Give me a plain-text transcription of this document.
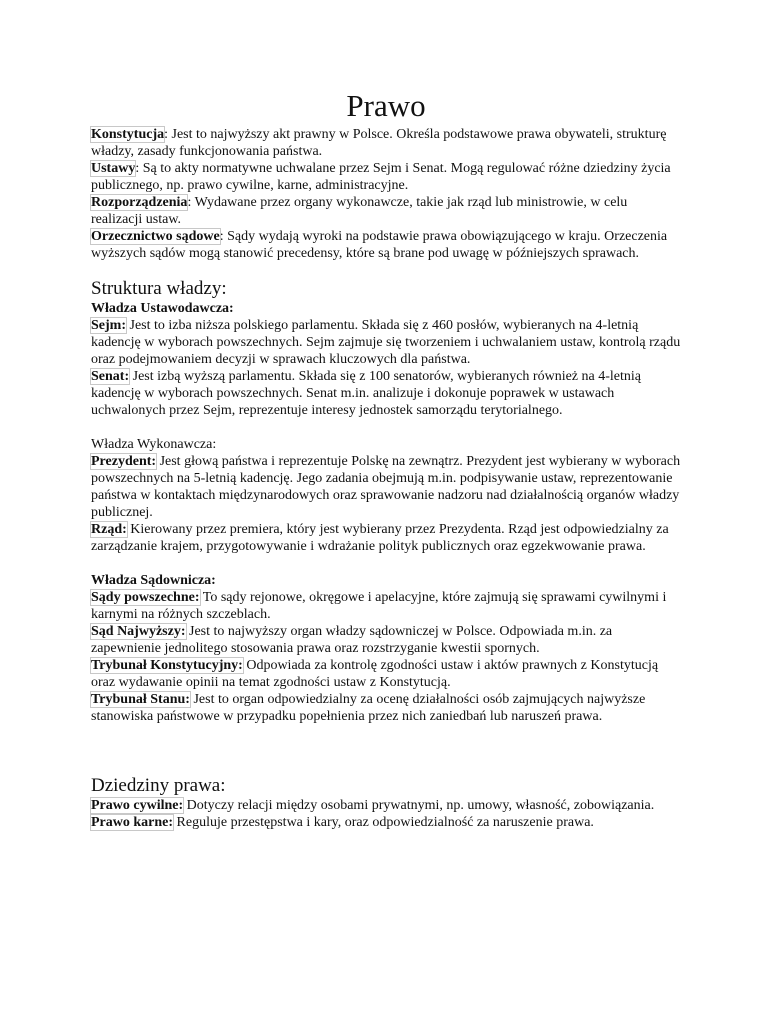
Prawo

Konstytucja: Jest to najwyższy akt prawny w Polsce. Określa podstawowe prawa obywateli, strukturę władzy, zasady funkcjonowania państwa.

Ustawy: Są to akty normatywne uchwalane przez Sejm i Senat. Mogą regulować różne dziedziny życia publicznego, np. prawo cywilne, karne, administracyjne.

Rozporządzenia: Wydawane przez organy wykonawcze, takie jak rząd lub ministrowie, w celu realizacji ustaw.

Orzecznictwo sądowe: Sądy wydają wyroki na podstawie prawa obowiązującego w kraju. Orzeczenia wyższych sądów mogą stanowić precedensy, które są brane pod uwagę w późniejszych sprawach.

Struktura władzy:

Władza Ustawodawcza:

Sejm: Jest to izba niższa polskiego parlamentu. Składa się z 460 posłów, wybieranych na 4-letnią kadencję w wyborach powszechnych. Sejm zajmuje się tworzeniem i uchwalaniem ustaw, kontrolą rządu oraz podejmowaniem decyzji w sprawach kluczowych dla państwa.

Senat: Jest izbą wyższą parlamentu. Składa się z 100 senatorów, wybieranych również na 4-letnią kadencję w wyborach powszechnych. Senat m.in. analizuje i dokonuje poprawek w ustawach uchwalonych przez Sejm, reprezentuje interesy jednostek samorządu terytorialnego.

Władza Wykonawcza:

Prezydent: Jest głową państwa i reprezentuje Polskę na zewnątrz. Prezydent jest wybierany w wyborach powszechnych na 5-letnią kadencję. Jego zadania obejmują m.in. podpisywanie ustaw, reprezentowanie państwa w kontaktach międzynarodowych oraz sprawowanie nadzoru nad działalnością organów władzy publicznej.

Rząd: Kierowany przez premiera, który jest wybierany przez Prezydenta. Rząd jest odpowiedzialny za zarządzanie krajem, przygotowywanie i wdrażanie polityk publicznych oraz egzekwowanie prawa.

Władza Sądownicza:

Sądy powszechne: To sądy rejonowe, okręgowe i apelacyjne, które zajmują się sprawami cywilnymi i karnymi na różnych szczeblach.

Sąd Najwyższy: Jest to najwyższy organ władzy sądowniczej w Polsce. Odpowiada m.in. za zapewnienie jednolitego stosowania prawa oraz rozstrzyganie kwestii spornych.

Trybunał Konstytucyjny: Odpowiada za kontrolę zgodności ustaw i aktów prawnych z Konstytucją oraz wydawanie opinii na temat zgodności ustaw z Konstytucją.

Trybunał Stanu: Jest to organ odpowiedzialny za ocenę działalności osób zajmujących najwyższe stanowiska państwowe w przypadku popełnienia przez nich zaniedbań lub naruszeń prawa.

Dziedziny prawa:

Prawo cywilne: Dotyczy relacji między osobami prywatnymi, np. umowy, własność, zobowiązania.

Prawo karne: Reguluje przestępstwa i kary, oraz odpowiedzialność za naruszenie prawa.
